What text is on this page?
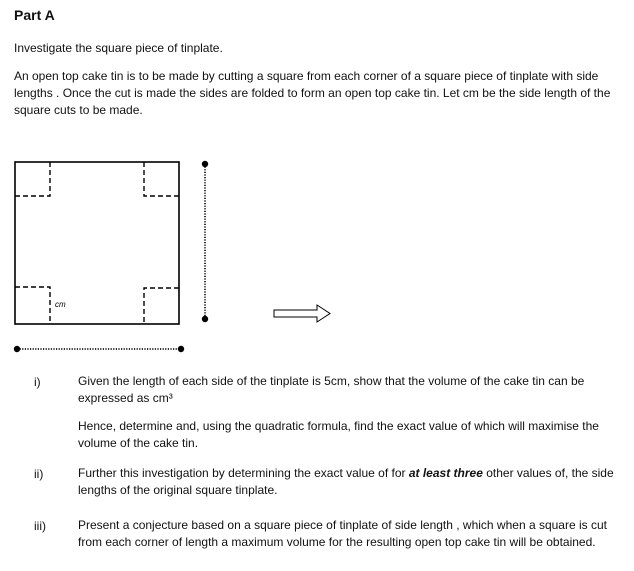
Part A
Investigate the square piece of tinplate.
An open top cake tin is to be made by cutting a square from each corner of a square piece of tinplate with side lengths . Once the cut is made the sides are folded to form an open top cake tin. Let cm be the side length of the square cuts to be made.
cm
i)	Given the length of each side of the tinplate is 5cm, show that the volume of the cake tin can be expressed as cm³
Hence, determine and, using the quadratic formula, find the exact value of which will maximise the volume of the cake tin.
ii)	Further this investigation by determining the exact value of for at least three other values of, the side lengths of the original square tinplate.
iii)	Present a conjecture based on a square piece of tinplate of side length , which when a square is cut from each corner of length a maximum volume for the resulting open top cake tin will be obtained.
